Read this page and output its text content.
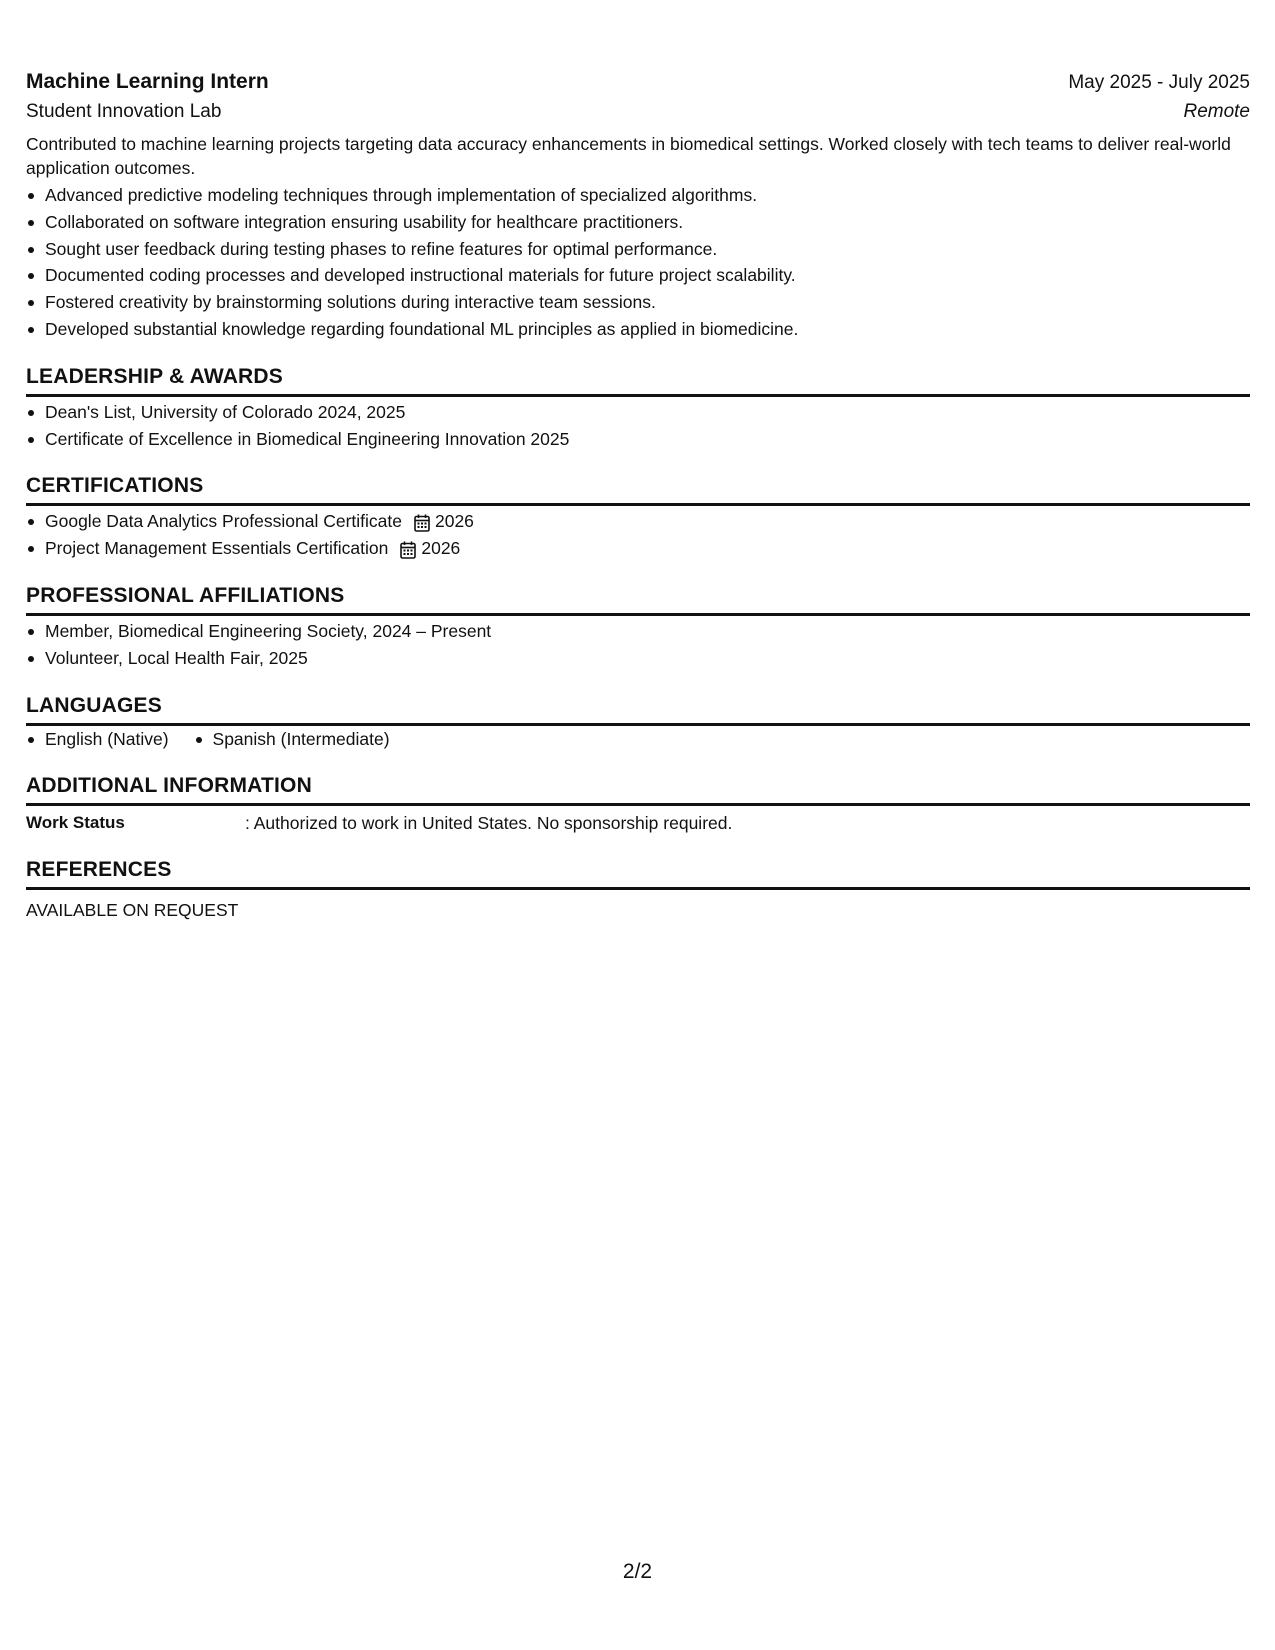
Machine Learning Intern	May 2025 - July 2025
Student Innovation Lab	Remote
Contributed to machine learning projects targeting data accuracy enhancements in biomedical settings. Worked closely with tech teams to deliver real-world application outcomes.
Advanced predictive modeling techniques through implementation of specialized algorithms.
Collaborated on software integration ensuring usability for healthcare practitioners.
Sought user feedback during testing phases to refine features for optimal performance.
Documented coding processes and developed instructional materials for future project scalability.
Fostered creativity by brainstorming solutions during interactive team sessions.
Developed substantial knowledge regarding foundational ML principles as applied in biomedicine.
LEADERSHIP & AWARDS
Dean's List, University of Colorado 2024, 2025
Certificate of Excellence in Biomedical Engineering Innovation 2025
CERTIFICATIONS
Google Data Analytics Professional Certificate 2026
Project Management Essentials Certification 2026
PROFESSIONAL AFFILIATIONS
Member, Biomedical Engineering Society, 2024 – Present
Volunteer, Local Health Fair, 2025
LANGUAGES
English (Native)	Spanish (Intermediate)
ADDITIONAL INFORMATION
Work Status	: Authorized to work in United States. No sponsorship required.
REFERENCES
AVAILABLE ON REQUEST
2/2
